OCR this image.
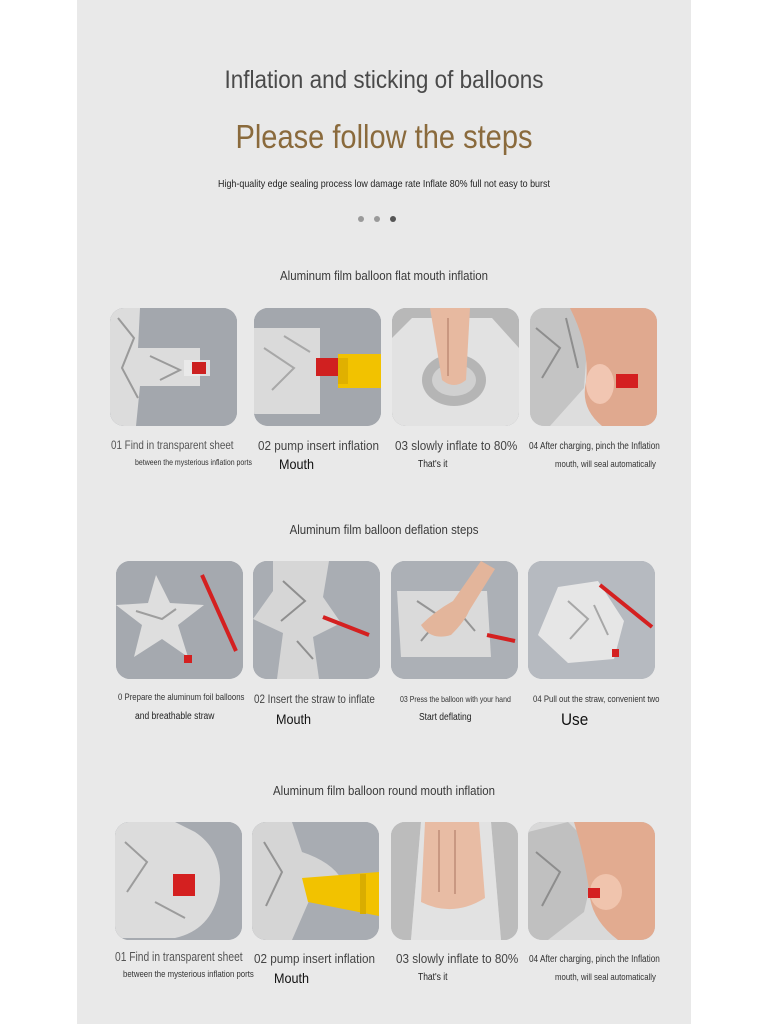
Inflation and sticking of balloons
Please follow the steps
High-quality edge sealing process low damage rate Inflate 80% full not easy to burst
Aluminum film balloon flat mouth inflation
01 Find in transparent sheet
between the mysterious inflation ports
02 pump insert inflation
Mouth
03 slowly inflate to 80%
That's it
04 After charging, pinch the Inflation
mouth, will seal automatically
Aluminum film balloon deflation steps
0 Prepare the aluminum foil balloons
and breathable straw
02 Insert the straw to inflate
Mouth
03 Press the balloon with your hand
Start deflating
04 Pull out the straw, convenient two
Use
Aluminum film balloon round mouth inflation
01 Find in transparent sheet
between the mysterious inflation ports
02 pump insert inflation
Mouth
03 slowly inflate to 80%
That's it
04 After charging, pinch the Inflation
mouth, will seal automatically
